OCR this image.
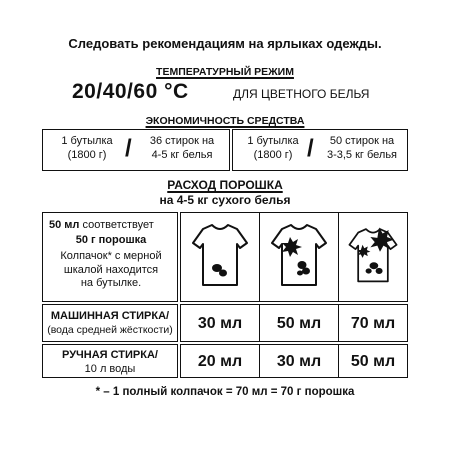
Следовать рекомендациям на ярлыках одежды.
ТЕМПЕРАТУРНЫЙ РЕЖИМ
20/40/60 °C	ДЛЯ ЦВЕТНОГО БЕЛЬЯ
ЭКОНОМИЧНОСТЬ СРЕДСТВА
1 бутылка
(1800 г) /	36 стирок на
4-5 кг белья
1 бутылка
(1800 г) /	50 стирок на
3-3,5 кг белья
РАСХОД ПОРОШКА
на 4-5 кг сухого белья
50 мл соответствует
50 г порошка
Колпачок* с мерной
шкалой находится
на бутылке.
МАШИННАЯ СТИРКА/
(вода средней жёсткости)	30 мл	50 мл	70 мл
РУЧНАЯ СТИРКА/
10 л воды	20 мл	30 мл	50 мл
* – 1 полный колпачок = 70 мл = 70 г порошка
